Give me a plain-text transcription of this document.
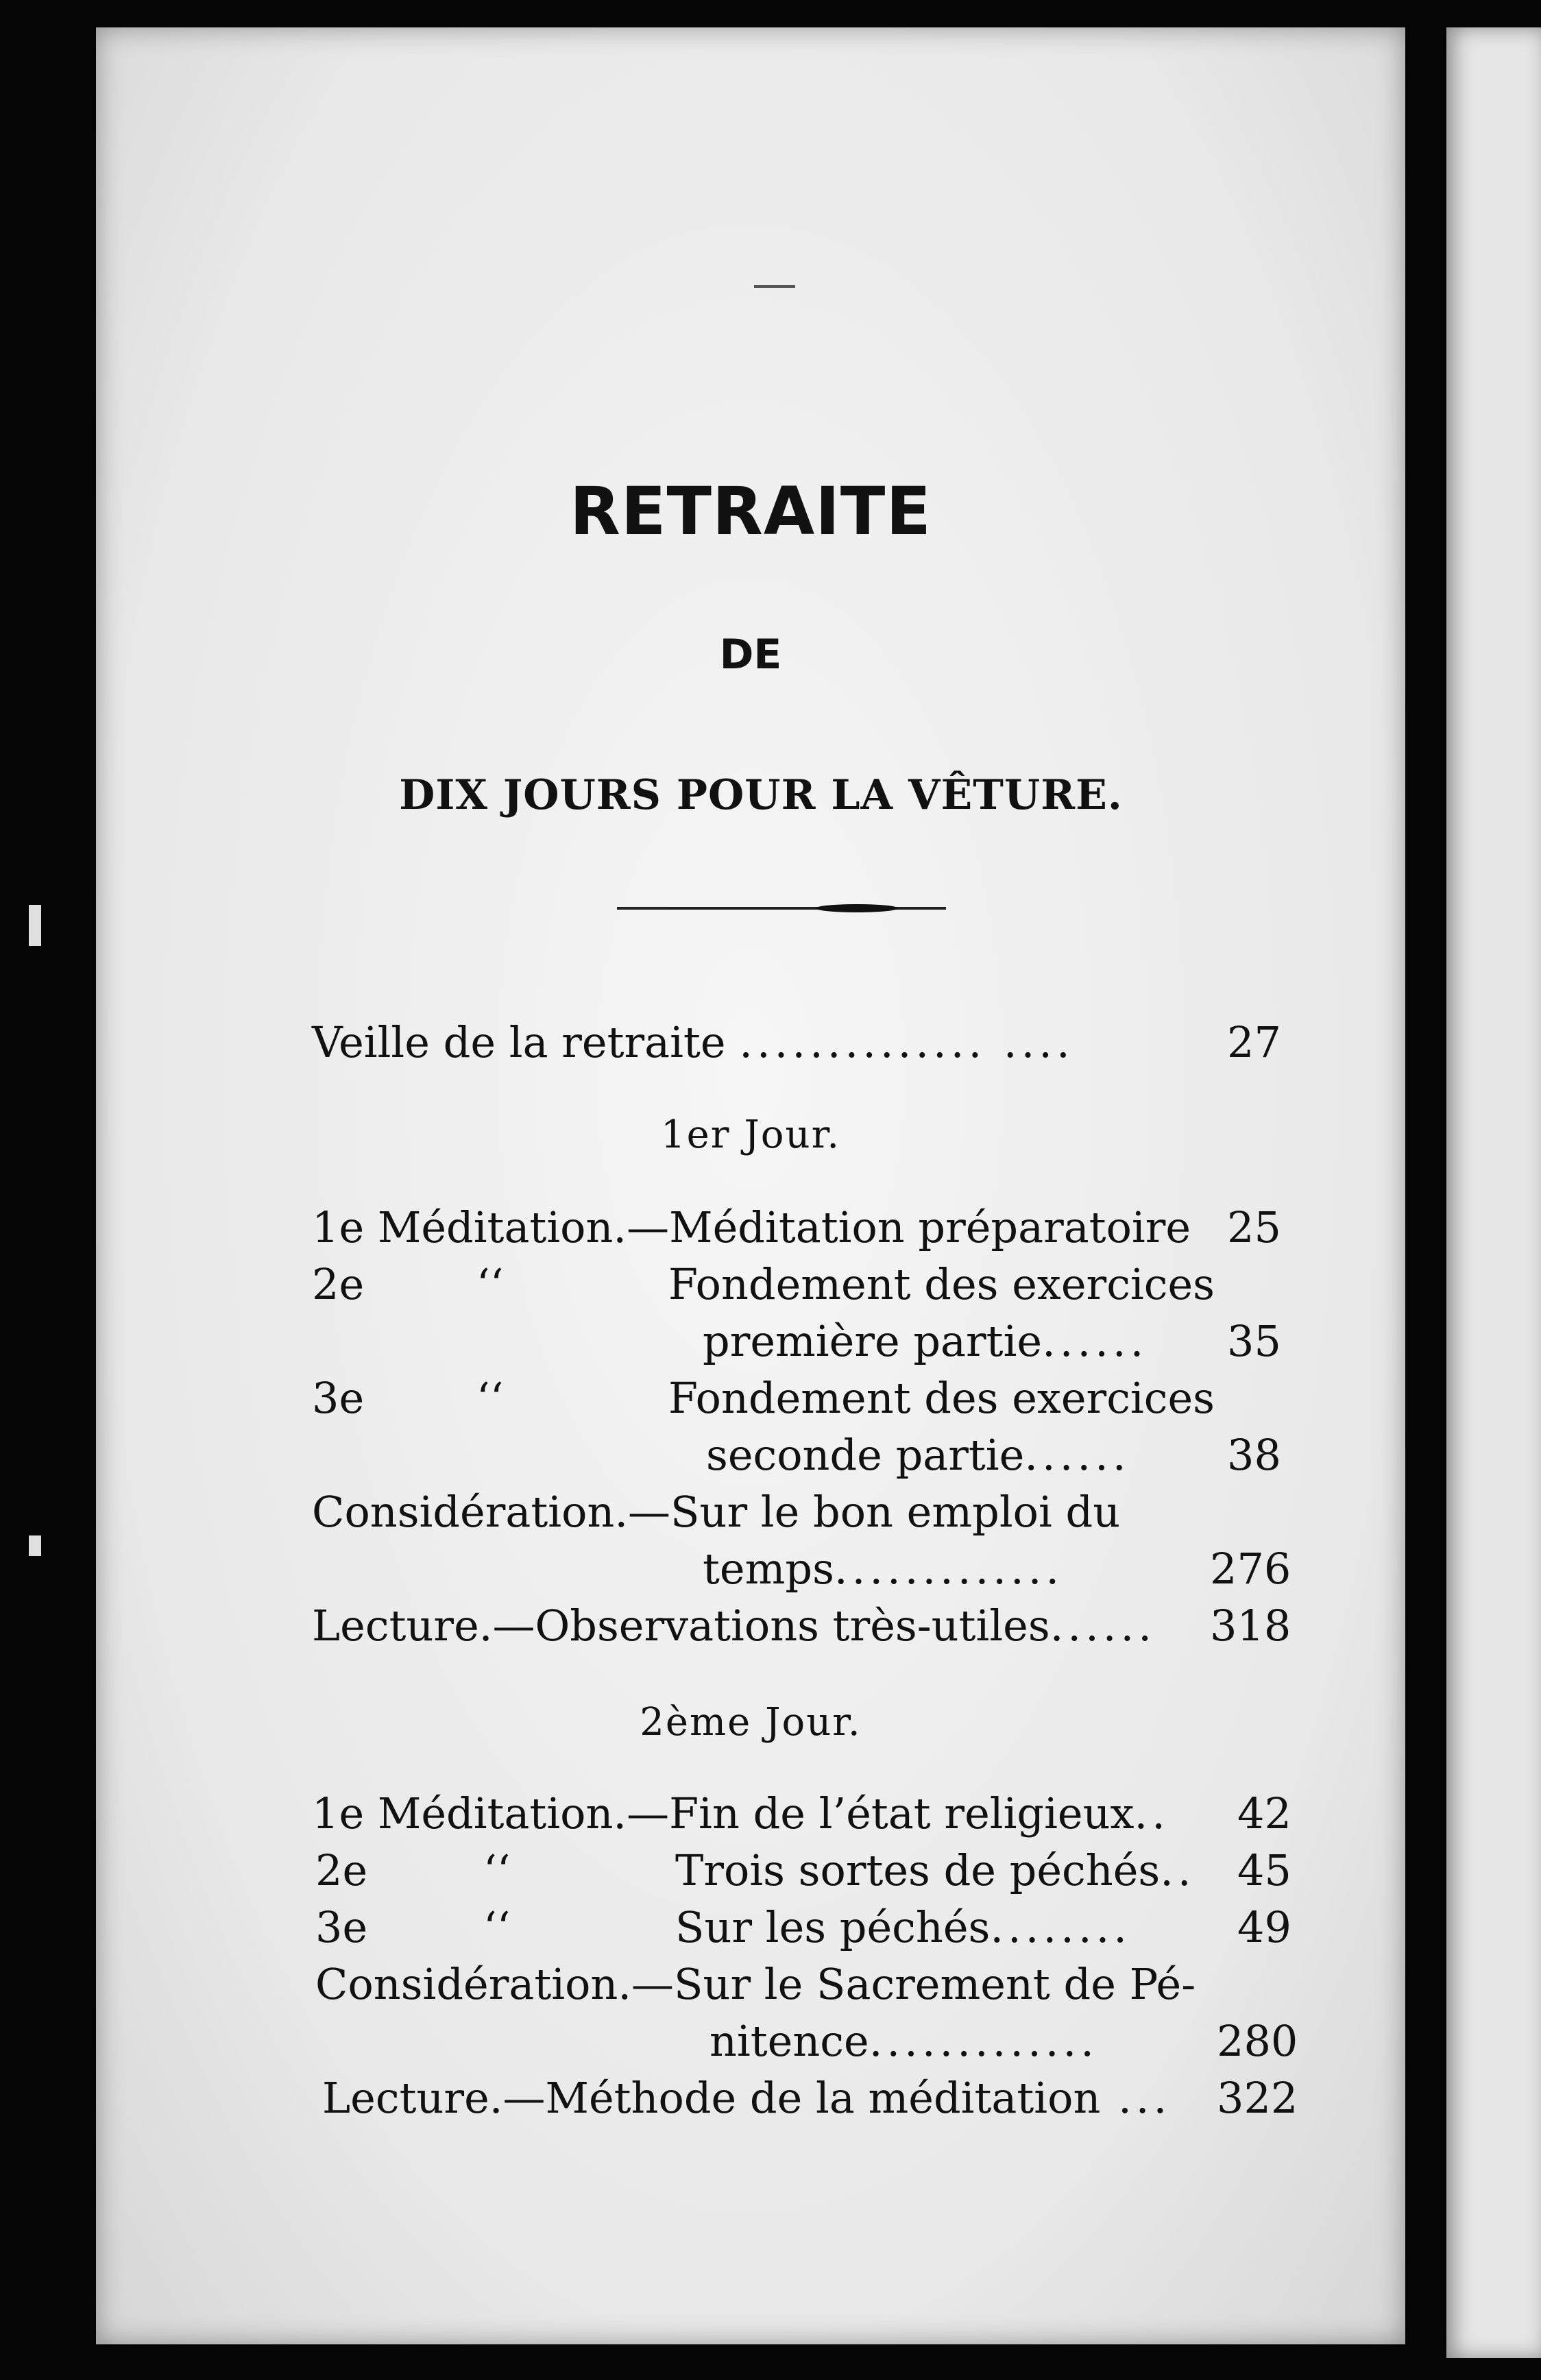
RETRAITE
DE
DIX JOURS POUR LA VÊTURE.
Veille de la retraite .............. ....	27
1er Jour.
1e Méditation.—Méditation préparatoire 25
2e	‘‘	Fondement des exercices
première partie...... 35
3e	‘‘	Fondement des exercices
seconde partie...... 38
Considération.—Sur le bon emploi du
temps.............	276
Lecture.—Observations très-utiles...... 318
2ème Jour.
1e Méditation.—Fin de l’état religieux.. 42
2e	‘‘	Trois sortes de péchés.. 45
3e	‘‘	Sur les péchés........ 49
Considération.—Sur le Sacrement de Pé-
nitence.............	280
Lecture.—Méthode de la méditation ... 322
